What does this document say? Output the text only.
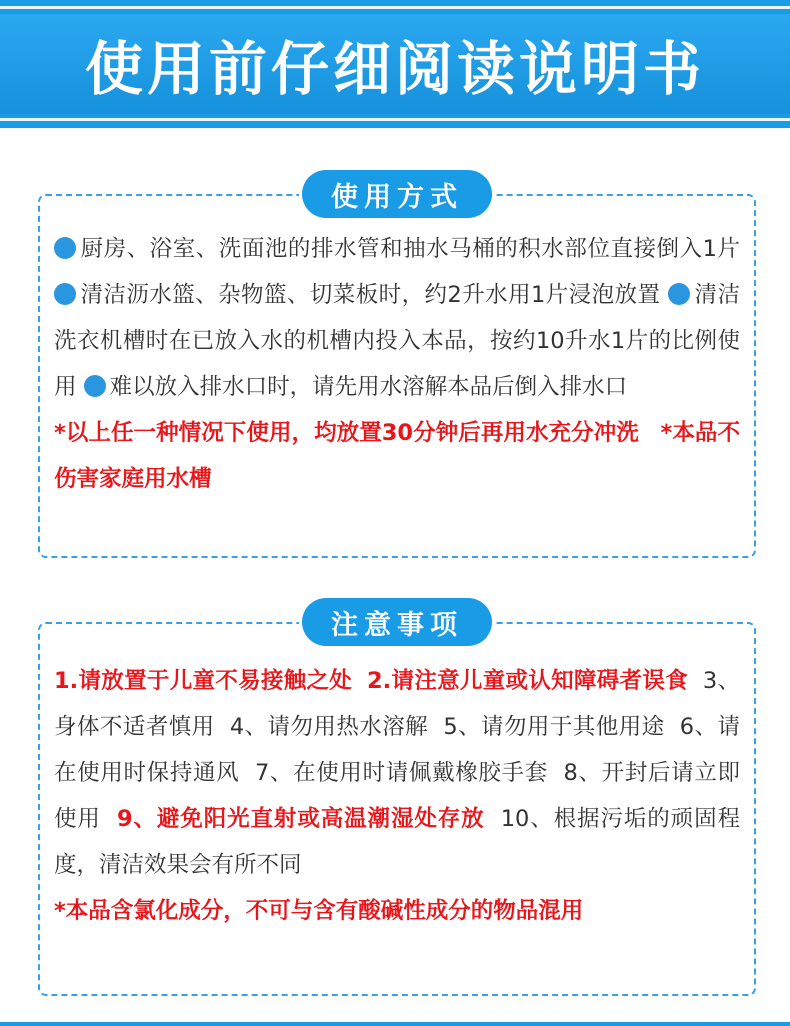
使用前仔细阅读说明书
使用方式
厨房、浴室、洗面池的排水管和抽水马桶的积水部位直接倒入1片 清洁沥水篮、杂物篮、切菜板时，约2升水用1片浸泡放置 清洁洗衣机槽时在已放入水的机槽内投入本品，按约10升水1片的比例使用 难以放入排水口时，请先用水溶解本品后倒入排水口
*以上任一种情况下使用，均放置30分钟后再用水充分冲洗 *本品不伤害家庭用水槽
注意事项
1.请放置于儿童不易接触之处 2.请注意儿童或认知障碍者误食 3、身体不适者慎用 4、请勿用热水溶解 5、请勿用于其他用途 6、请在使用时保持通风 7、在使用时请佩戴橡胶手套 8、开封后请立即使用 9、避免阳光直射或高温潮湿处存放 10、根据污垢的顽固程度，清洁效果会有所不同
*本品含氯化成分，不可与含有酸碱性成分的物品混用
